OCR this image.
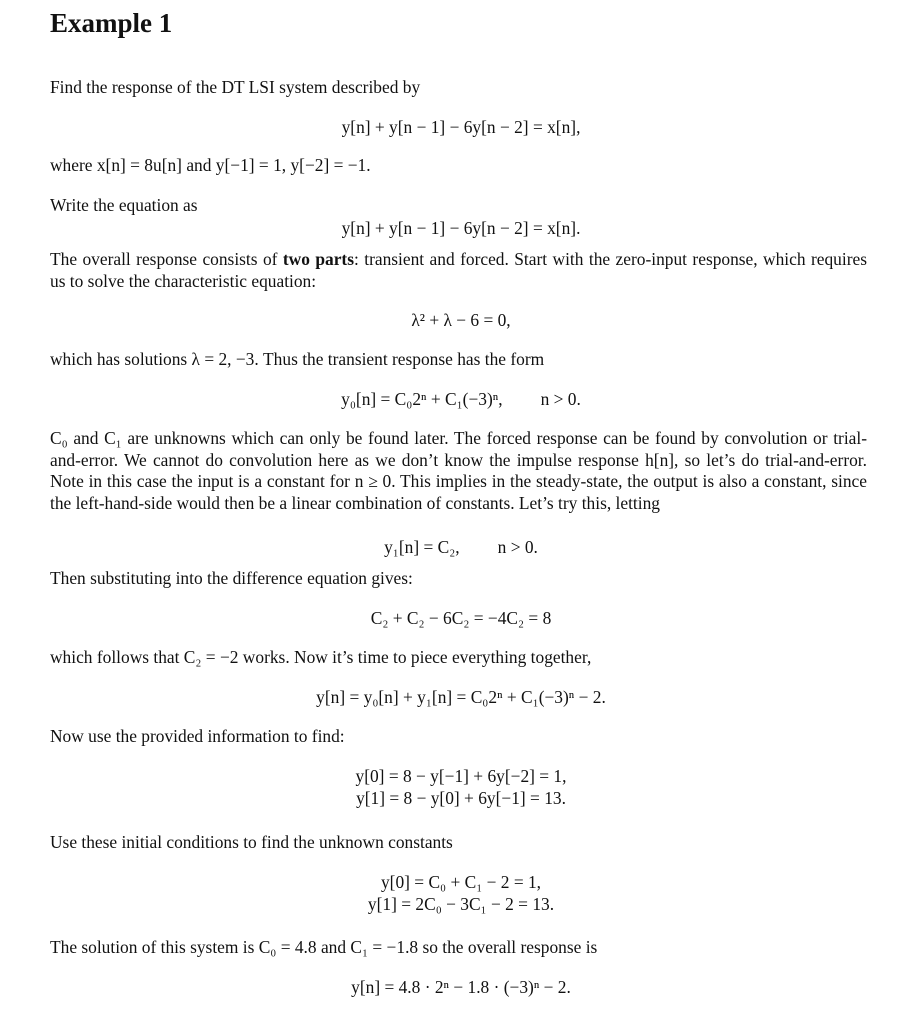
Example 1
Find the response of the DT LSI system described by
y[n] + y[n − 1] − 6y[n − 2] = x[n],
where x[n] = 8u[n] and y[−1] = 1, y[−2] = −1.
Write the equation as
y[n] + y[n − 1] − 6y[n − 2] = x[n].
The overall response consists of two parts: transient and forced. Start with the zero-input response, which requires us to solve the characteristic equation:
λ² + λ − 6 = 0,
which has solutions λ = 2, −3. Thus the transient response has the form
y₀[n] = C₀2ⁿ + C₁(−3)ⁿ, n > 0.
C₀ and C₁ are unknowns which can only be found later. The forced response can be found by convolution or trial-and-error. We cannot do convolution here as we don’t know the impulse response h[n], so let’s do trial-and-error. Note in this case the input is a constant for n ≥ 0. This implies in the steady-state, the output is also a constant, since the left-hand-side would then be a linear combination of constants. Let’s try this, letting
y₁[n] = C₂, n > 0.
Then substituting into the difference equation gives:
C₂ + C₂ − 6C₂ = −4C₂ = 8
which follows that C₂ = −2 works. Now it’s time to piece everything together,
y[n] = y₀[n] + y₁[n] = C₀2ⁿ + C₁(−3)ⁿ − 2.
Now use the provided information to find:
y[0] = 8 − y[−1] + 6y[−2] = 1,
y[1] = 8 − y[0] + 6y[−1] = 13.
Use these initial conditions to find the unknown constants
y[0] = C₀ + C₁ − 2 = 1,
y[1] = 2C₀ − 3C₁ − 2 = 13.
The solution of this system is C₀ = 4.8 and C₁ = −1.8 so the overall response is
y[n] = 4.8 · 2ⁿ − 1.8 · (−3)ⁿ − 2.
